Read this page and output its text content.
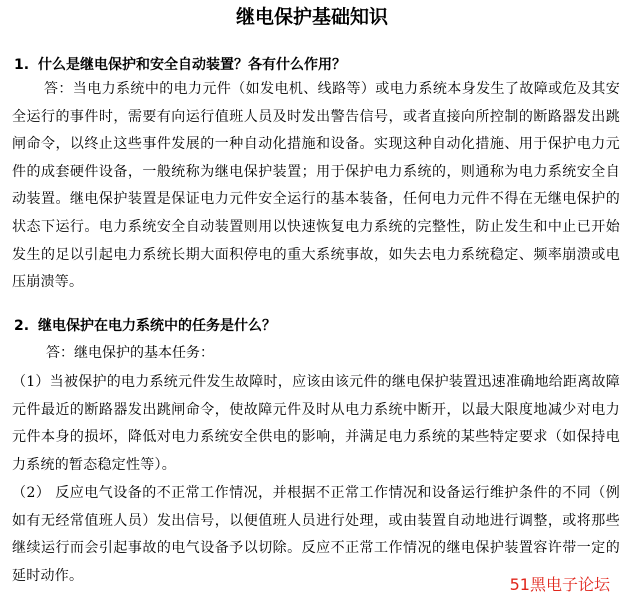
继电保护基础知识
1. 什么是继电保护和安全自动装置？各有什么作用？

答：当电力系统中的电力元件（如发电机、线路等）或电力系统本身发生了故障或危及其安全运行的事件时，需要有向运行值班人员及时发出警告信号，或者直接向所控制的断路器发出跳闸命令，以终止这些事件发展的一种自动化措施和设备。实现这种自动化措施、用于保护电力元件的成套硬件设备，一般统称为继电保护装置；用于保护电力系统的，则通称为电力系统安全自动装置。继电保护装置是保证电力元件安全运行的基本装备，任何电力元件不得在无继电保护的状态下运行。电力系统安全自动装置则用以快速恢复电力系统的完整性，防止发生和中止已开始发生的足以引起电力系统长期大面积停电的重大系统事故，如失去电力系统稳定、频率崩溃或电压崩溃等。

2. 继电保护在电力系统中的任务是什么？
答：继电保护的基本任务：

（1）当被保护的电力系统元件发生故障时，应该由该元件的继电保护装置迅速准确地给距离故障元件最近的断路器发出跳闸命令，使故障元件及时从电力系统中断开，以最大限度地减少对电力元件本身的损坏，降低对电力系统安全供电的影响，并满足电力系统的某些特定要求（如保持电力系统的暂态稳定性等）。

（2） 反应电气设备的不正常工作情况，并根据不正常工作情况和设备运行维护条件的不同（例如有无经常值班人员）发出信号，以便值班人员进行处理，或由装置自动地进行调整，或将那些继续运行而会引起事故的电气设备予以切除。反应不正常工作情况的继电保护装置容许带一定的延时动作。	51黑电子论坛
